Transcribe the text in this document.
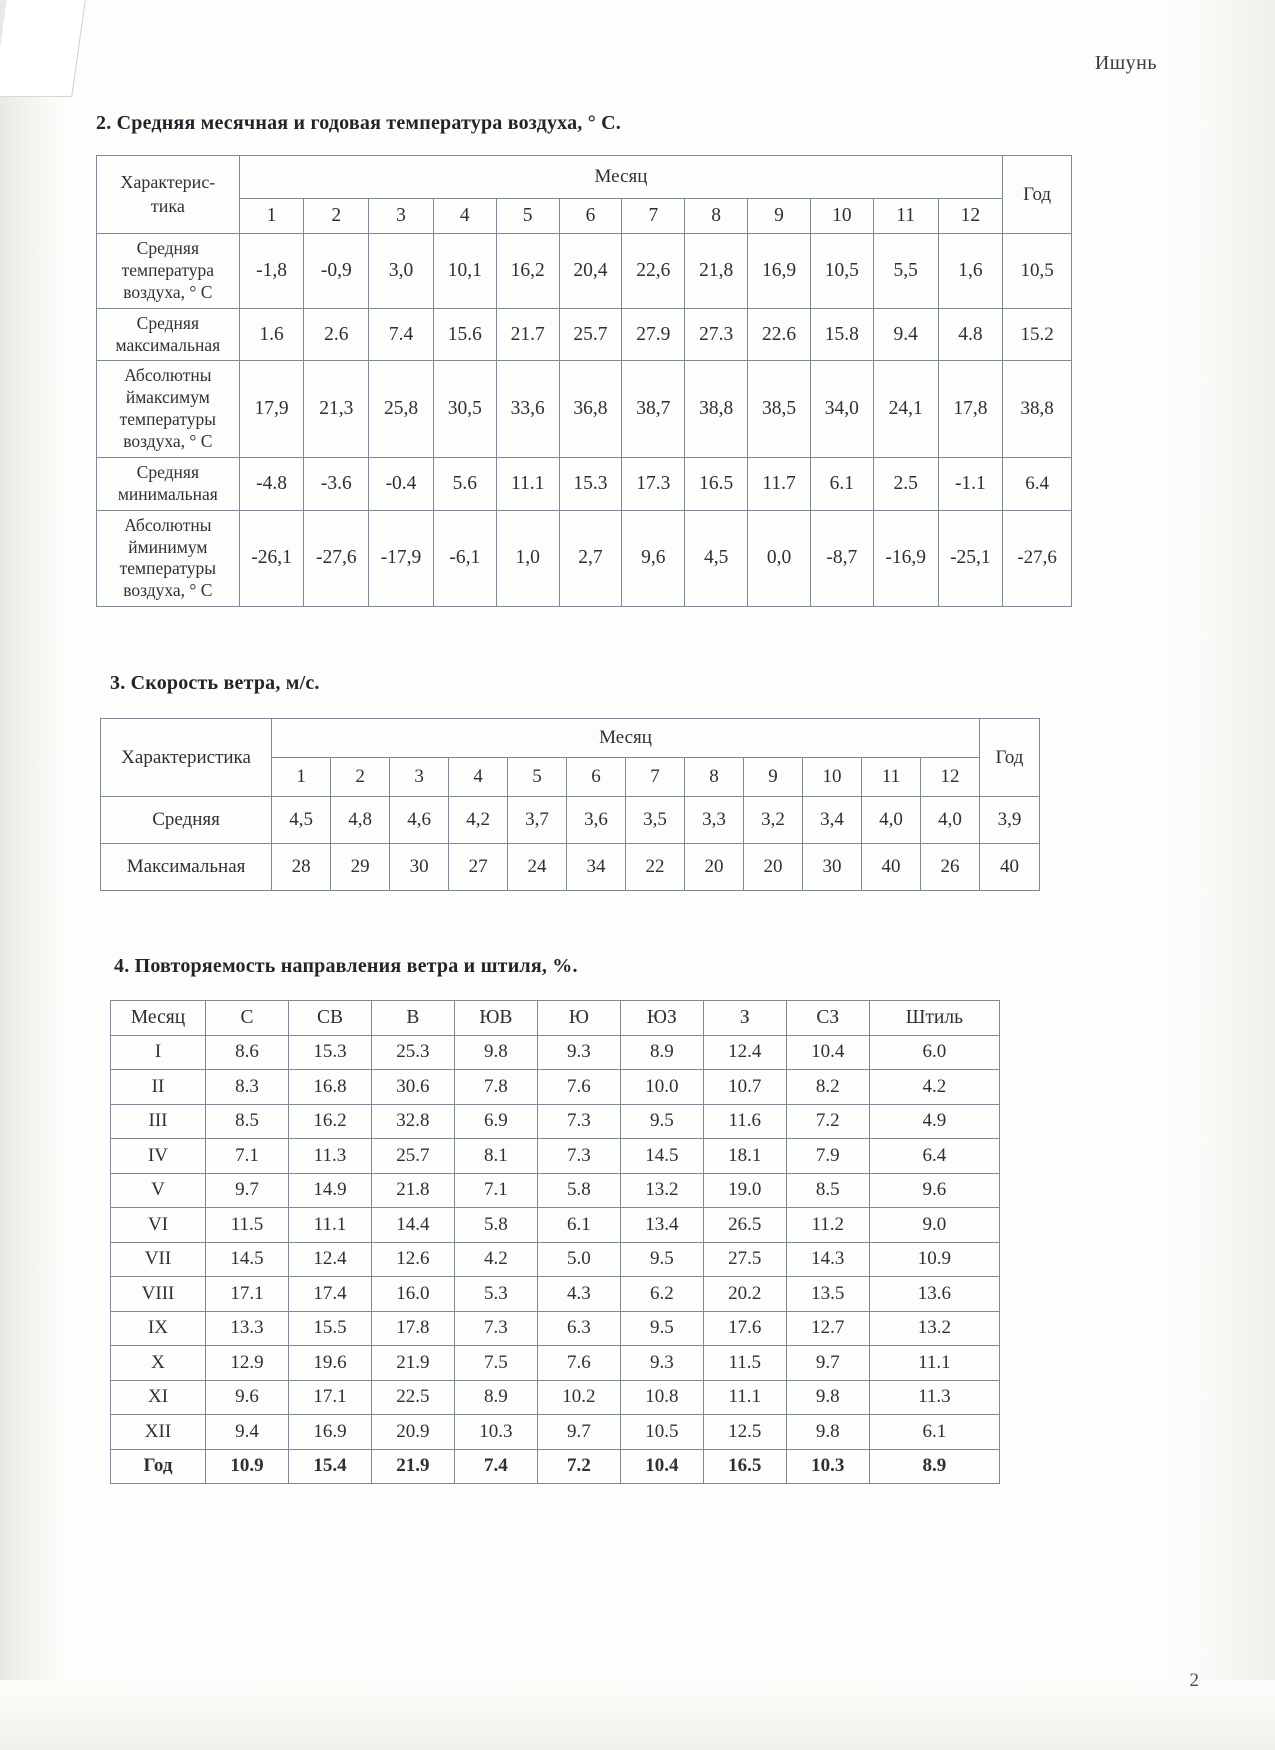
Ишунь
2. Средняя месячная и годовая температура воздуха, ° С.
Характерис-
тика	Месяц												Год
	1	2	3	4	5	6	7	8	9	10	11	12	
Средняя температура воздуха, ° С	-1,8	-0,9	3,0	10,1	16,2	20,4	22,6	21,8	16,9	10,5	5,5	1,6	10,5
Средняя максимальная	1.6	2.6	7.4	15.6	21.7	25.7	27.9	27.3	22.6	15.8	9.4	4.8	15.2
Абсолютны ймаксимум температуры воздуха, ° С	17,9	21,3	25,8	30,5	33,6	36,8	38,7	38,8	38,5	34,0	24,1	17,8	38,8
Средняя минимальная	-4.8	-3.6	-0.4	5.6	11.1	15.3	17.3	16.5	11.7	6.1	2.5	-1.1	6.4
Абсолютны йминимум температуры воздуха, ° С	-26,1	-27,6	-17,9	-6,1	1,0	2,7	9,6	4,5	0,0	-8,7	-16,9	-25,1	-27,6
3. Скорость ветра, м/с.
Характеристика	Месяц												Год
	1	2	3	4	5	6	7	8	9	10	11	12	
Средняя	4,5	4,8	4,6	4,2	3,7	3,6	3,5	3,3	3,2	3,4	4,0	4,0	3,9
Максимальная	28	29	30	27	24	34	22	20	20	30	40	26	40
4. Повторяемость направления ветра и штиля, %.
Месяц	С	СВ	В	ЮВ	Ю	ЮЗ	З	СЗ	Штиль
I	8.6	15.3	25.3	9.8	9.3	8.9	12.4	10.4	6.0
II	8.3	16.8	30.6	7.8	7.6	10.0	10.7	8.2	4.2
III	8.5	16.2	32.8	6.9	7.3	9.5	11.6	7.2	4.9
IV	7.1	11.3	25.7	8.1	7.3	14.5	18.1	7.9	6.4
V	9.7	14.9	21.8	7.1	5.8	13.2	19.0	8.5	9.6
VI	11.5	11.1	14.4	5.8	6.1	13.4	26.5	11.2	9.0
VII	14.5	12.4	12.6	4.2	5.0	9.5	27.5	14.3	10.9
VIII	17.1	17.4	16.0	5.3	4.3	6.2	20.2	13.5	13.6
IX	13.3	15.5	17.8	7.3	6.3	9.5	17.6	12.7	13.2
X	12.9	19.6	21.9	7.5	7.6	9.3	11.5	9.7	11.1
XI	9.6	17.1	22.5	8.9	10.2	10.8	11.1	9.8	11.3
XII	9.4	16.9	20.9	10.3	9.7	10.5	12.5	9.8	6.1
Год	10.9	15.4	21.9	7.4	7.2	10.4	16.5	10.3	8.9
2
